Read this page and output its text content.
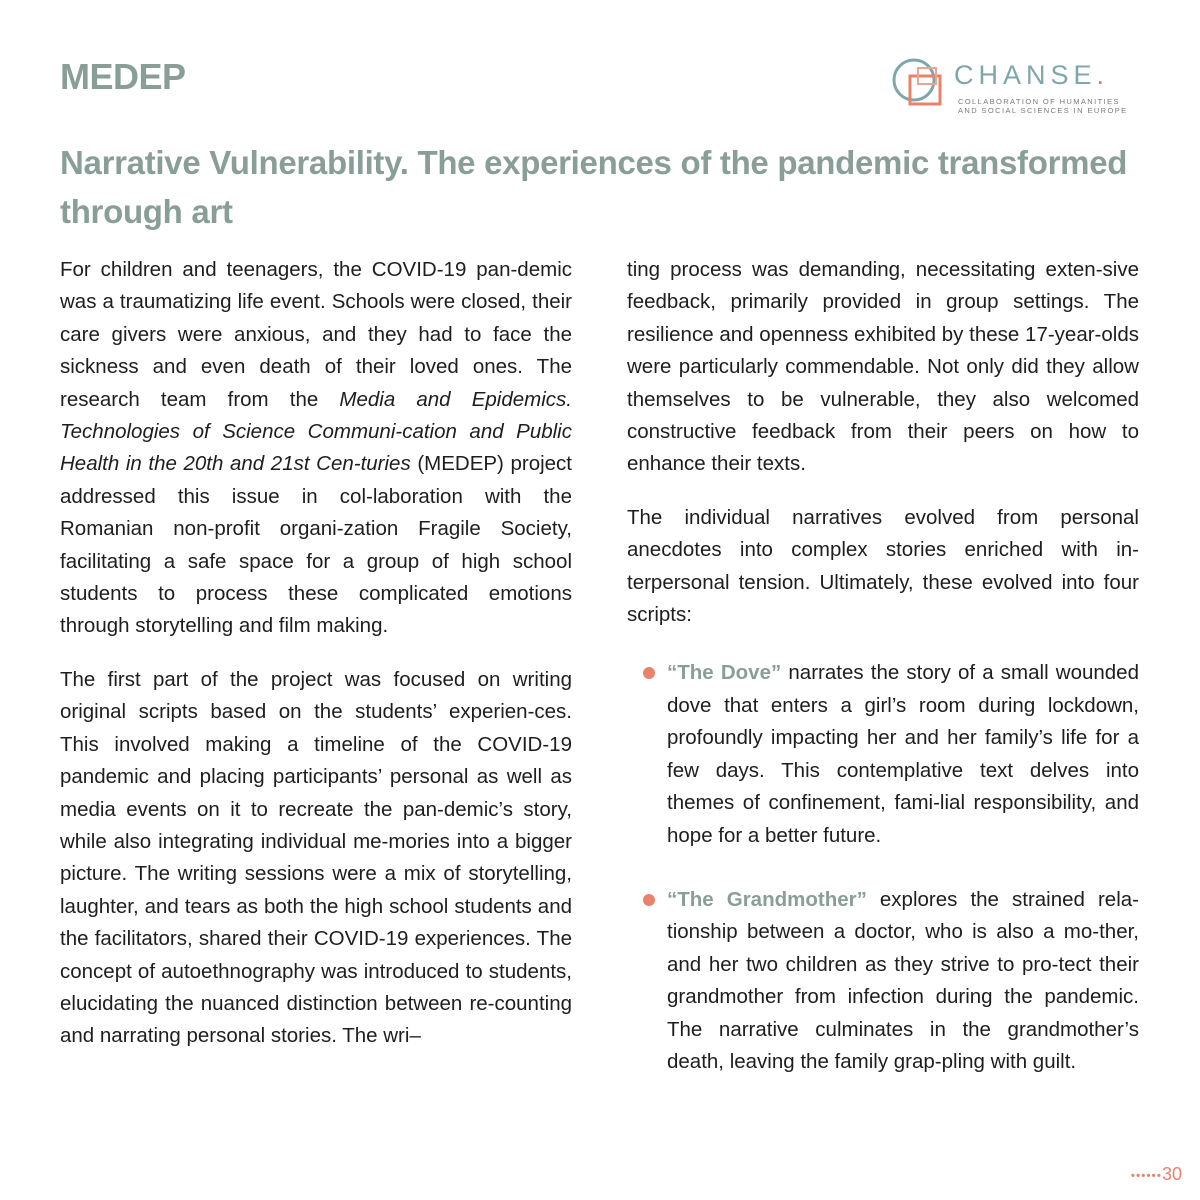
MEDEP	CHANSE.
COLLABORATION OF HUMANITIES
AND SOCIAL SCIENCES IN EUROPE
Narrative Vulnerability. The experiences of the pandemic transformed through art

For children and teenagers, the COVID-19 pan-demic was a traumatizing life event. Schools were closed, their care givers were anxious, and they had to face the sickness and even death of their loved ones. The research team from the Media and Epidemics. Technologies of Science Communi-cation and Public Health in the 20th and 21st Cen-turies (MEDEP) project addressed this issue in col-laboration with the Romanian non-profit organi-zation Fragile Society, facilitating a safe space for a group of high school students to process these complicated emotions through storytelling and film making.

The first part of the project was focused on writing original scripts based on the students’ experien-ces. This involved making a timeline of the COVID-19 pandemic and placing participants’ personal as well as media events on it to recreate the pan-demic’s story, while also integrating individual me-mories into a bigger picture. The writing sessions were a mix of storytelling, laughter, and tears as both the high school students and the facilitators, shared their COVID-19 experiences. The concept of autoethnography was introduced to students, elucidating the nuanced distinction between re-counting and narrating personal stories. The wri–

ting process was demanding, necessitating exten-sive feedback, primarily provided in group settings. The resilience and openness exhibited by these 17-year-olds were particularly commendable. Not only did they allow themselves to be vulnerable, they also welcomed constructive feedback from their peers on how to enhance their texts.

The individual narratives evolved from personal anecdotes into complex stories enriched with in-terpersonal tension. Ultimately, these evolved into four scripts:

“The Dove” narrates the story of a small wounded dove that enters a girl’s room during lockdown, profoundly impacting her and her family’s life for a few days. This contemplative text delves into themes of confinement, fami-lial responsibility, and hope for a better future.
“The Grandmother” explores the strained rela-tionship between a doctor, who is also a mo-ther, and her two children as they strive to pro-tect their grandmother from infection during the pandemic. The narrative culminates in the grandmother’s death, leaving the family grap-pling with guilt.
••••••30
